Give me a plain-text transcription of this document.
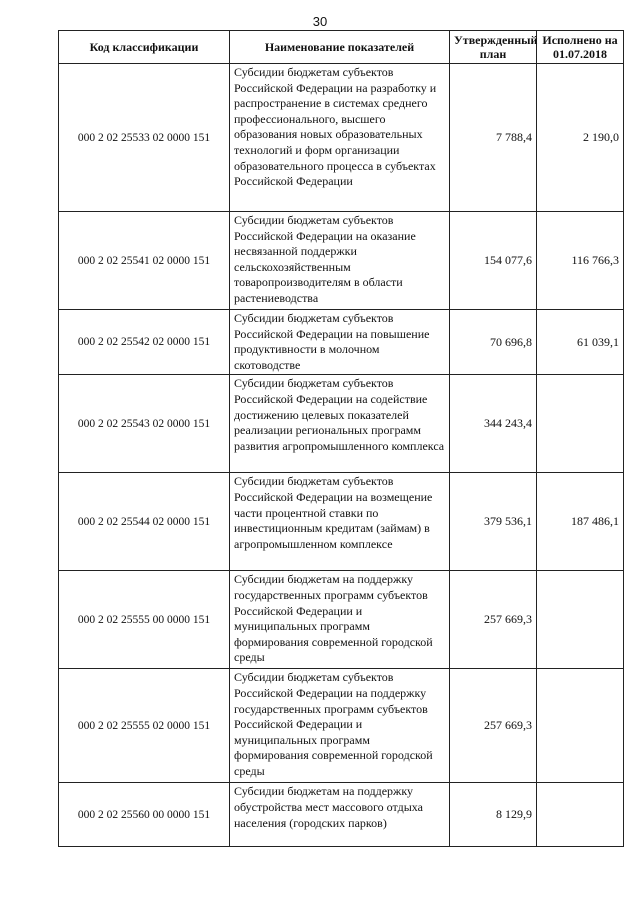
30
Код классификации	Наименование показателей	Утвержденный план	Исполнено на 01.07.2018
000 2 02 25533 02 0000 151	Субсидии бюджетам субъектов Российской Федерации на разработку и распространение в системах среднего профессионального, высшего образования новых образовательных технологий и форм организации образовательного процесса в субъектах Российской Федерации	7 788,4	2 190,0
000 2 02 25541 02 0000 151	Субсидии бюджетам субъектов Российской Федерации на оказание несвязанной поддержки сельскохозяйственным товаропроизводителям в области растениеводства	154 077,6	116 766,3
000 2 02 25542 02 0000 151	Субсидии бюджетам субъектов Российской Федерации на повышение продуктивности в молочном скотоводстве	70 696,8	61 039,1
000 2 02 25543 02 0000 151	Субсидии бюджетам субъектов Российской Федерации на содействие достижению целевых показателей реализации региональных программ развития агропромышленного комплекса	344 243,4	
000 2 02 25544 02 0000 151	Субсидии бюджетам субъектов Российской Федерации на возмещение части процентной ставки по инвестиционным кредитам (займам) в агропромышленном комплексе	379 536,1	187 486,1
000 2 02 25555 00 0000 151	Субсидии бюджетам на поддержку государственных программ субъектов Российской Федерации и муниципальных программ формирования современной городской среды	257 669,3	
000 2 02 25555 02 0000 151	Субсидии бюджетам субъектов Российской Федерации на поддержку государственных программ субъектов Российской Федерации и муниципальных программ формирования современной городской среды	257 669,3	
000 2 02 25560 00 0000 151	Субсидии бюджетам на поддержку обустройства мест массового отдыха населения (городских парков)	8 129,9	
